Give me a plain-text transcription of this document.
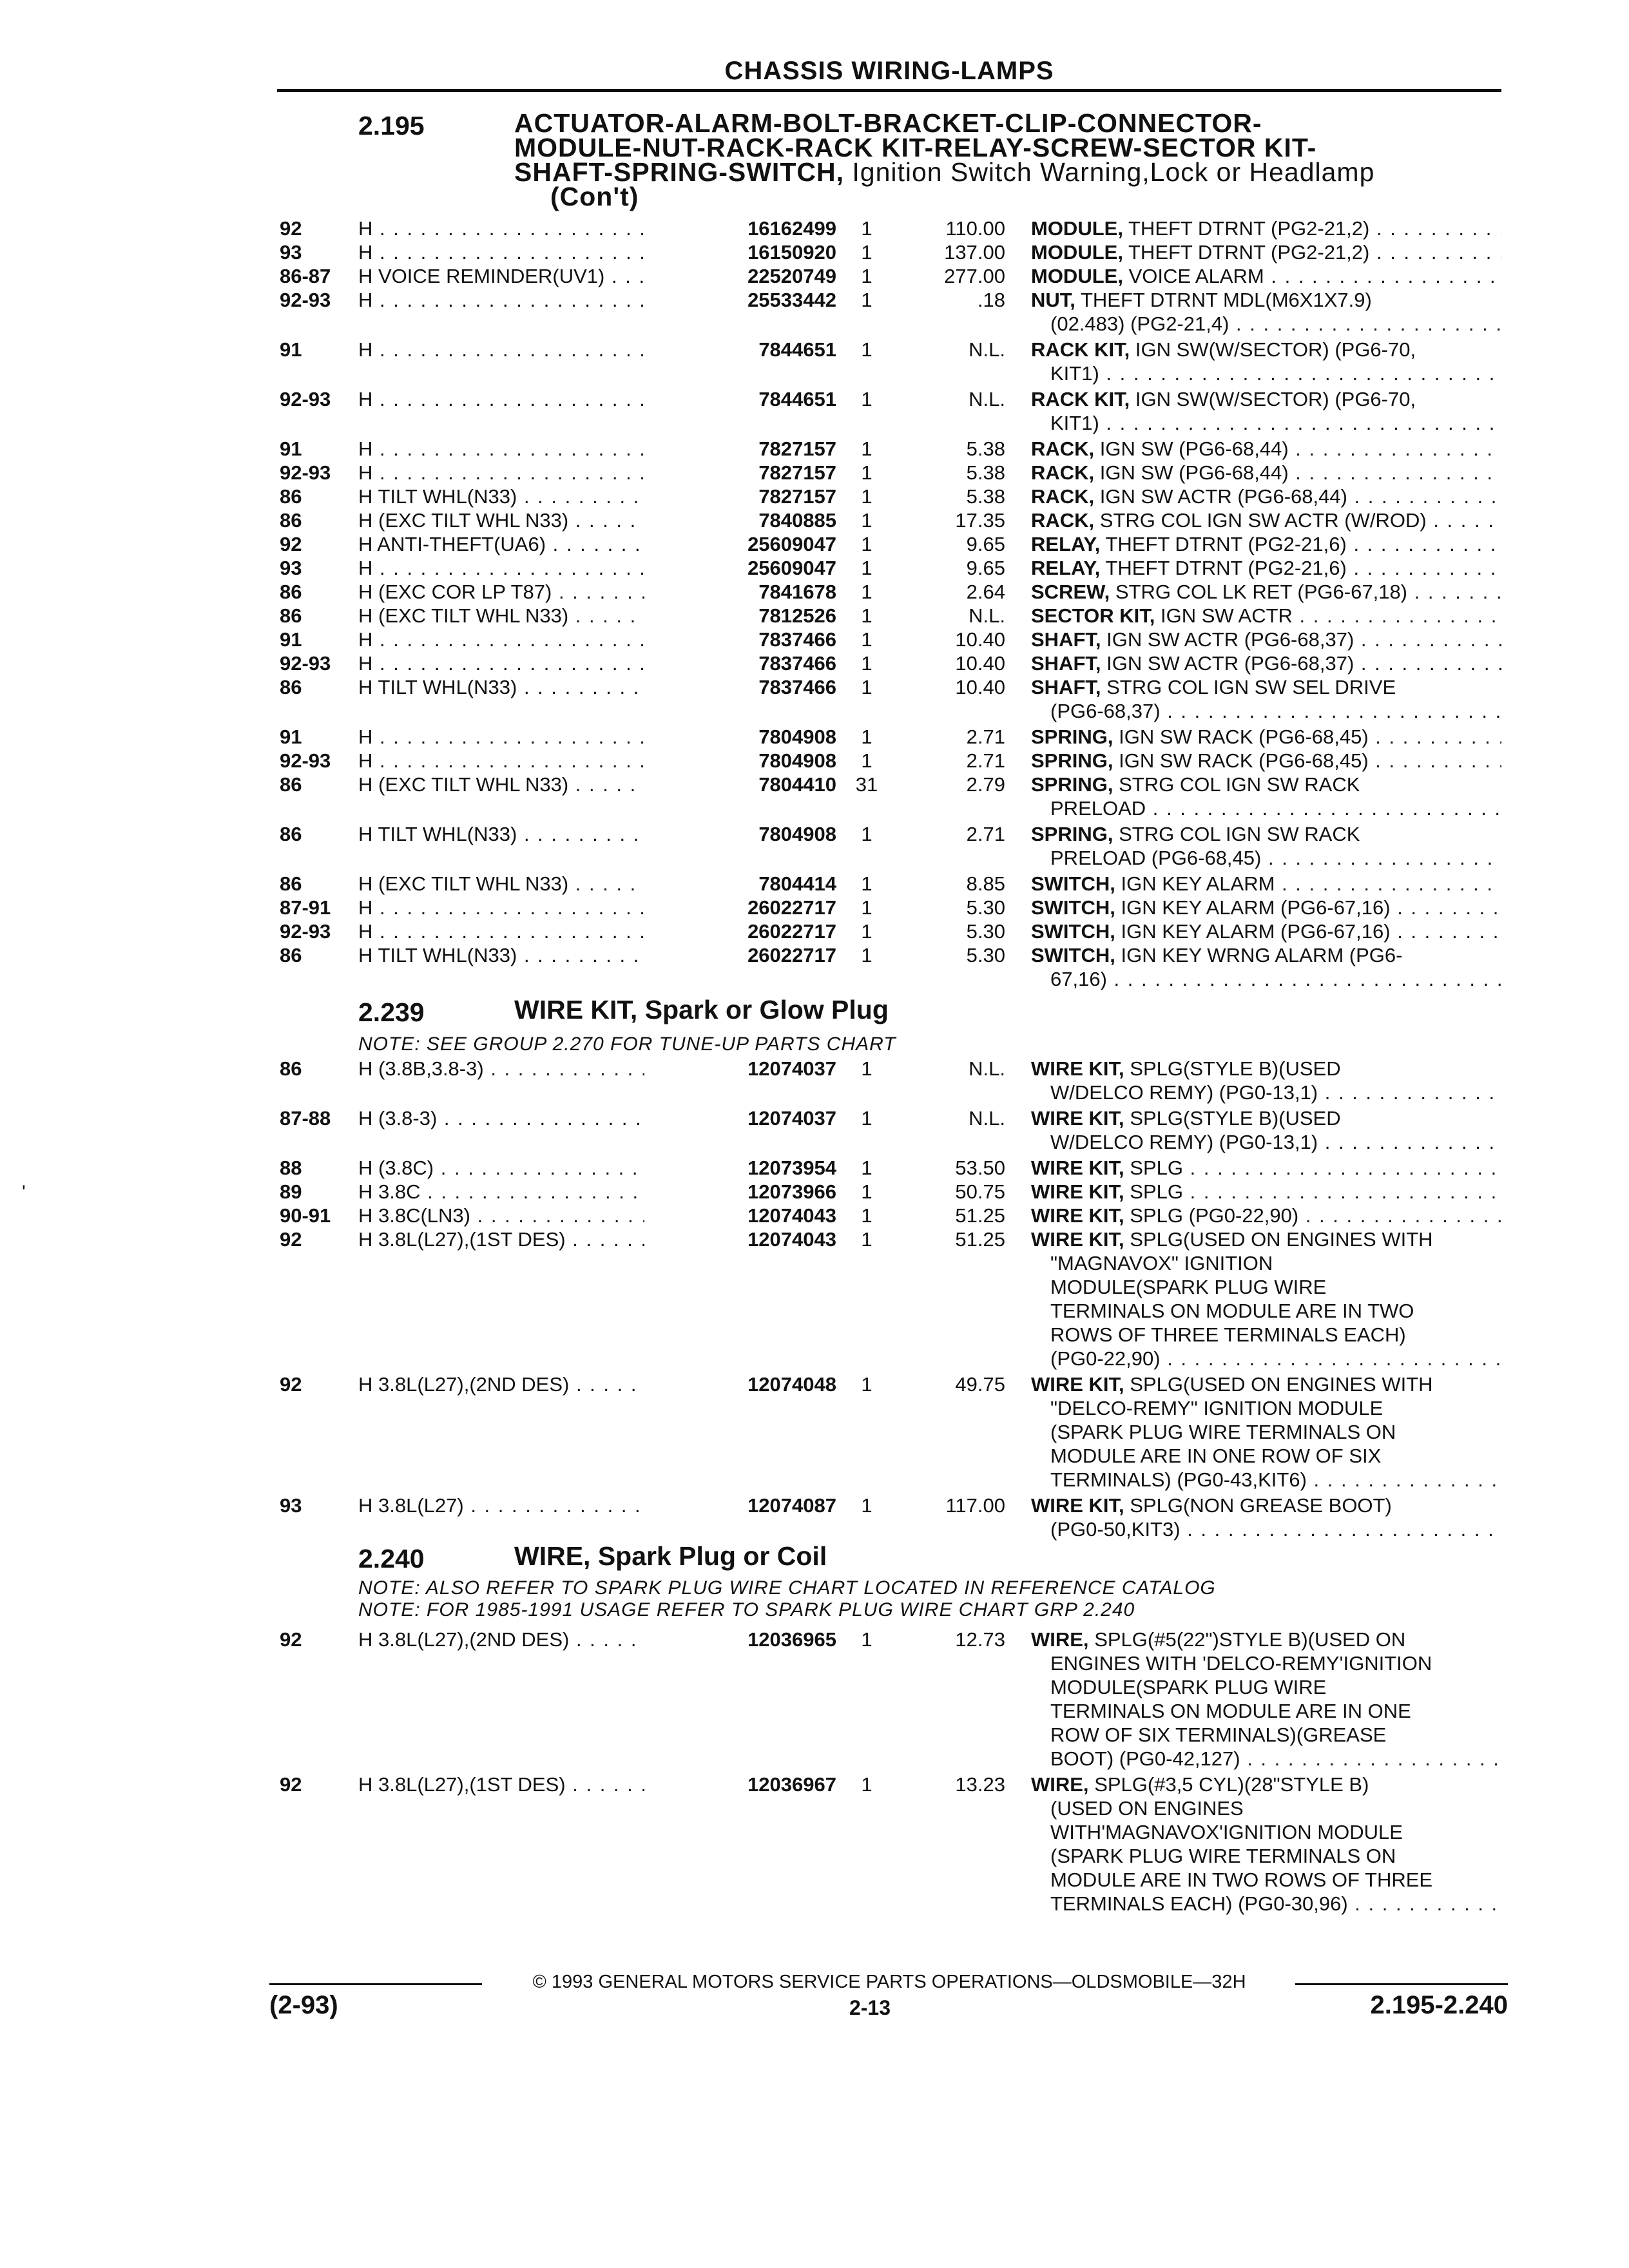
CHASSIS WIRING-LAMPS
'
2.195	ACTUATOR-ALARM-BOLT-BRACKET-CLIP-CONNECTOR-
MODULE-NUT-RACK-RACK KIT-RELAY-SCREW-SECTOR KIT-
SHAFT-SPRING-SWITCH, Ignition Switch Warning,Lock or Headlamp
(Con't)
92	H . . .	16162499	1	110.00 MODULE, THEFT DTRNT (PG2-21,2) . . .
93	H . . .	16150920	1	137.00 MODULE, THEFT DTRNT (PG2-21,2) . . .
86-87 H VOICE REMINDER(UV1) . . .	22520749	1	277.00 MODULE, VOICE ALARM . . .
92-93 H . . .	25533442	1	.18 NUT, THEFT DTRNT MDL(M6X1X7.9)
(02.483) (PG2-21,4) . . .
91	H . . .	7844651	1	N.L. RACK KIT, IGN SW(W/SECTOR) (PG6-70,
KIT1) . . .
92-93 H . . .	7844651	1	N.L. RACK KIT, IGN SW(W/SECTOR) (PG6-70,
KIT1) . . .
91	H . . .	7827157	1	5.38 RACK, IGN SW (PG6-68,44) . . .
92-93 H . . .	7827157	1	5.38 RACK, IGN SW (PG6-68,44) . . .
86	H TILT WHL(N33) . . .	7827157	1	5.38 RACK, IGN SW ACTR (PG6-68,44) . . .
86	H (EXC TILT WHL N33) . . .	7840885	1	17.35 RACK, STRG COL IGN SW ACTR (W/ROD) . . .
92	H ANTI-THEFT(UA6) . . .	25609047	1	9.65 RELAY, THEFT DTRNT (PG2-21,6) . . .
93	H . . .	25609047	1	9.65 RELAY, THEFT DTRNT (PG2-21,6) . . .
86	H (EXC COR LP T87) . . .	7841678	1	2.64 SCREW, STRG COL LK RET (PG6-67,18) . . .
86	H (EXC TILT WHL N33) . . .	7812526	1	N.L. SECTOR KIT, IGN SW ACTR . . .
91	H . . .	7837466	1	10.40 SHAFT, IGN SW ACTR (PG6-68,37) . . .
92-93 H . . .	7837466	1	10.40 SHAFT, IGN SW ACTR (PG6-68,37) . . .
86	H TILT WHL(N33) . . .	7837466	1	10.40 SHAFT, STRG COL IGN SW SEL DRIVE
(PG6-68,37) . . .
91	H . . .	7804908	1	2.71 SPRING, IGN SW RACK (PG6-68,45) . . .
92-93 H . . .	7804908	1	2.71 SPRING, IGN SW RACK (PG6-68,45) . . .
86	H (EXC TILT WHL N33) . . .	7804410 31	2.79 SPRING, STRG COL IGN SW RACK
PRELOAD . . .
86	H TILT WHL(N33) . . .	7804908	1	2.71 SPRING, STRG COL IGN SW RACK
PRELOAD (PG6-68,45) . . .
86	H (EXC TILT WHL N33) . . .	7804414	1	8.85 SWITCH, IGN KEY ALARM . . .
87-91 H . . .	26022717	1	5.30 SWITCH, IGN KEY ALARM (PG6-67,16) . . .
92-93 H . . .	26022717	1	5.30 SWITCH, IGN KEY ALARM (PG6-67,16) . . .
86	H TILT WHL(N33) . . .	26022717	1	5.30 SWITCH, IGN KEY WRNG ALARM (PG6-
67,16) . . .
2.239	WIRE KIT, Spark or Glow Plug
NOTE: SEE GROUP 2.270 FOR TUNE-UP PARTS CHART
86	H (3.8B,3.8-3) . . .	12074037	1	N.L. WIRE KIT, SPLG(STYLE B)(USED
W/DELCO REMY) (PG0-13,1) . . .
87-88 H (3.8-3) . . .	12074037	1	N.L. WIRE KIT, SPLG(STYLE B)(USED
W/DELCO REMY) (PG0-13,1) . . .
88	H (3.8C) . . .	12073954	1	53.50 WIRE KIT, SPLG . . .
89	H 3.8C . . .	12073966	1	50.75 WIRE KIT, SPLG . . .
90-91 H 3.8C(LN3) . . .	12074043	1	51.25 WIRE KIT, SPLG (PG0-22,90) . . .
92	H 3.8L(L27),(1ST DES) . . .	12074043	1	51.25 WIRE KIT, SPLG(USED ON ENGINES WITH
"MAGNAVOX" IGNITION
MODULE(SPARK PLUG WIRE
TERMINALS ON MODULE ARE IN TWO
ROWS OF THREE TERMINALS EACH)
(PG0-22,90) . . .
92	H 3.8L(L27),(2ND DES) . . .	12074048	1	49.75 WIRE KIT, SPLG(USED ON ENGINES WITH
"DELCO-REMY" IGNITION MODULE
(SPARK PLUG WIRE TERMINALS ON
MODULE ARE IN ONE ROW OF SIX
TERMINALS) (PG0-43,KIT6) . . .
93	H 3.8L(L27) . . .	12074087	1	117.00 WIRE KIT, SPLG(NON GREASE BOOT)
(PG0-50,KIT3) . . .
2.240	WIRE, Spark Plug or Coil
NOTE: ALSO REFER TO SPARK PLUG WIRE CHART LOCATED IN REFERENCE CATALOG
NOTE: FOR 1985-1991 USAGE REFER TO SPARK PLUG WIRE CHART GRP 2.240
92	H 3.8L(L27),(2ND DES) . . .	12036965	1	12.73 WIRE, SPLG(#5(22")STYLE B)(USED ON
ENGINES WITH 'DELCO-REMY'IGNITION
MODULE(SPARK PLUG WIRE
TERMINALS ON MODULE ARE IN ONE
ROW OF SIX TERMINALS)(GREASE
BOOT) (PG0-42,127) . . .
92	H 3.8L(L27),(1ST DES) . . .	12036967	1	13.23 WIRE, SPLG(#3,5 CYL)(28"STYLE B)
(USED ON ENGINES
WITH'MAGNAVOX'IGNITION MODULE
(SPARK PLUG WIRE TERMINALS ON
MODULE ARE IN TWO ROWS OF THREE
TERMINALS EACH) (PG0-30,96) . . .
© 1993 GENERAL MOTORS SERVICE PARTS OPERATIONS—OLDSMOBILE—32H
(2-93)	2-13	2.195-2.240
